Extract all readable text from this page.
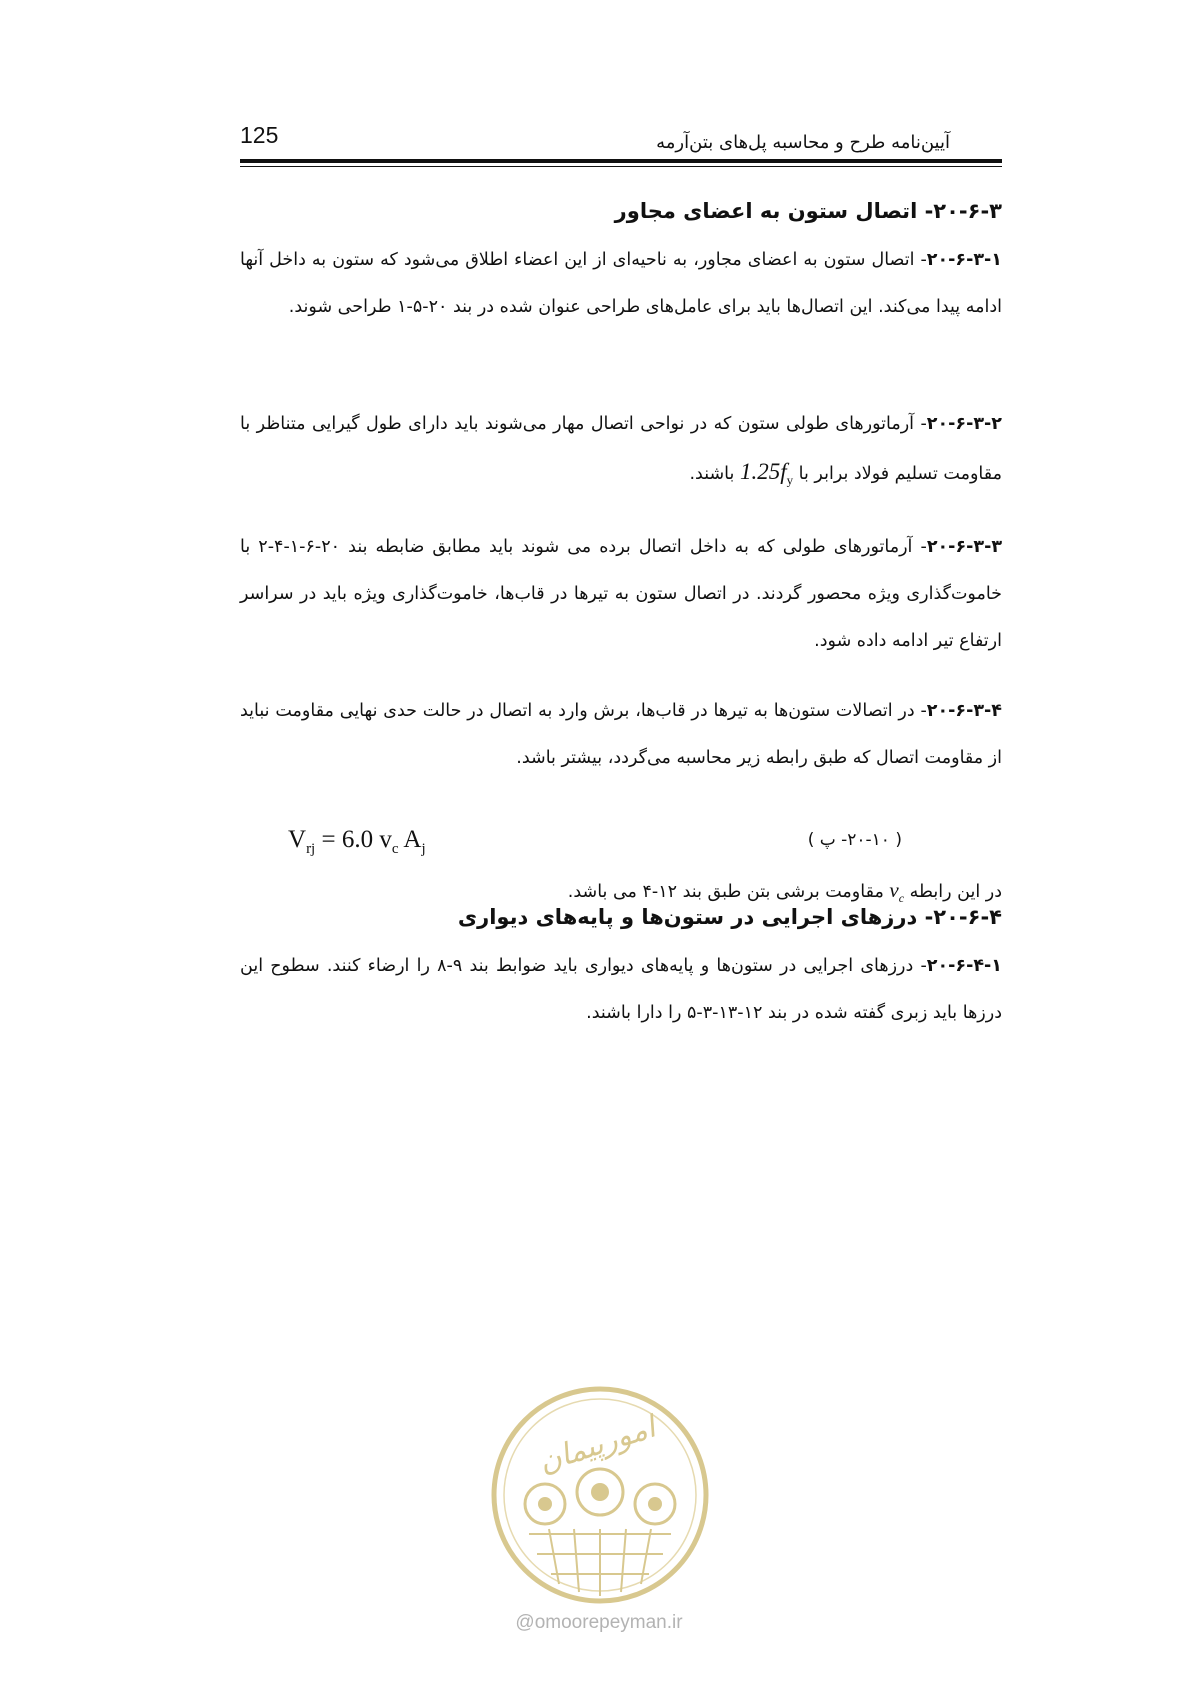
125	آیین‌نامه طرح و محاسبه پل‌های بتن‌آرمه
۲۰-۶-۳- اتصال ستون به اعضای مجاور
۲۰-۶-۳-۱- اتصال ستون به اعضای مجاور، به ناحیه‌ای از این اعضاء اطلاق می‌شود که ستون به داخل آنها ادامه پیدا می‌کند. این اتصال‌ها باید برای عامل‌های طراحی عنوان شده در بند ۲۰-۵-۱ طراحی شوند.
۲۰-۶-۳-۲- آرماتورهای طولی ستون که در نواحی اتصال مهار می‌شوند باید دارای طول گیرایی متناظر با مقاومت تسلیم فولاد برابر با $1.25f_y$ باشند.
۲۰-۶-۳-۳- آرماتورهای طولی که به داخل اتصال برده می شوند باید مطابق ضابطه بند ۲۰-۶-۱-۴-۲ با خاموت‌گذاری ویژه محصور گردند. در اتصال ستون به تیرها در قاب‌ها، خاموت‌گذاری ویژه باید در سراسر ارتفاع تیر ادامه داده شود.
۲۰-۶-۳-۴- در اتصالات ستون‌ها به تیرها در قاب‌ها، برش وارد به اتصال در حالت حدی نهایی مقاومت نباید از مقاومت اتصال که طبق رابطه زیر محاسبه می‌گردد، بیشتر باشد.
$V_{rj} = 6.0$ $v_c$ $A_j$	( ۲۰-۱۰- پ )
در این رابطه $v_c$ مقاومت برشی بتن طبق بند ۱۲-۴ می باشد.
۲۰-۶-۴- درزهای اجرایی در ستون‌ها و پایه‌های دیواری
۲۰-۶-۴-۱- درزهای اجرایی در ستون‌ها و پایه‌های دیواری باید ضوابط بند ۹-۸ را ارضاء کنند. سطوح این درزها باید زبری گفته شده در بند ۱۲-۱۳-۳-۵ را دارا باشند.
امورپیمان
@omoorepeyman.ir
